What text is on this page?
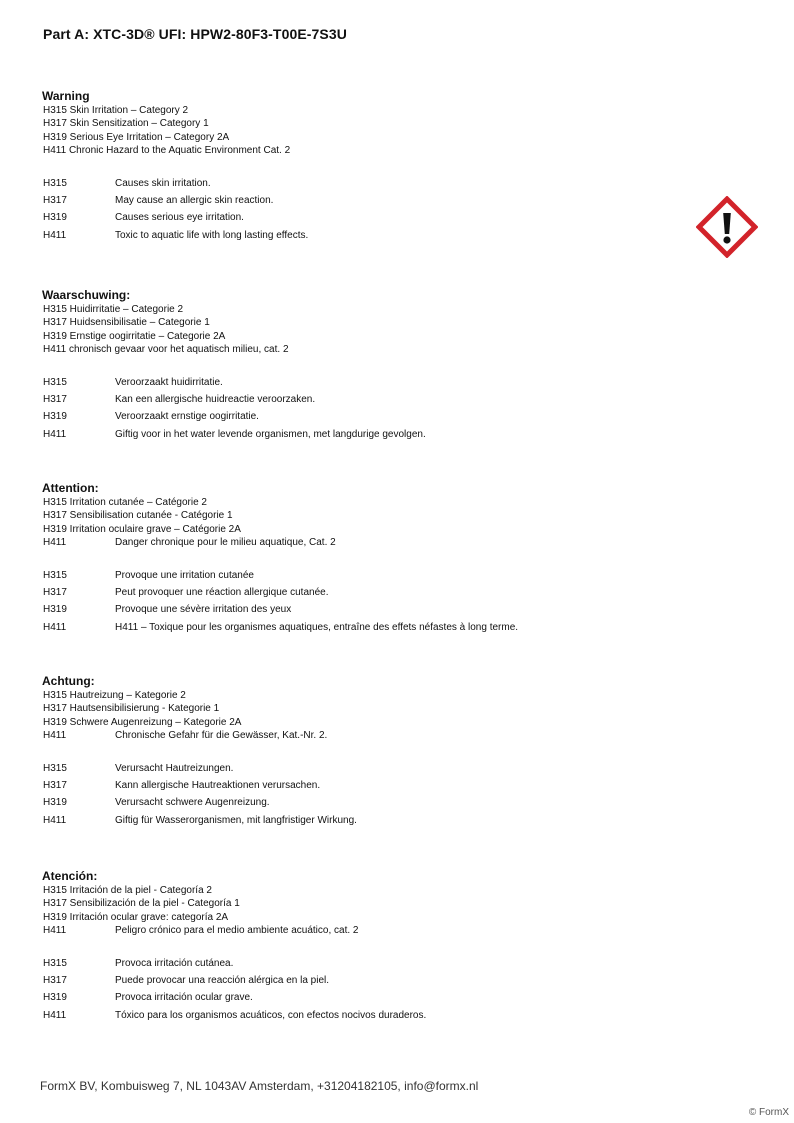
Part A: XTC-3D® UFI: HPW2-80F3-T00E-7S3U
Warning
H315 Skin Irritation – Category 2
H317 Skin Sensitization – Category 1
H319 Serious Eye Irritation – Category 2A
H411 Chronic Hazard to the Aquatic Environment Cat. 2
H315	Causes skin irritation.
H317	May cause an allergic skin reaction.
H319	Causes serious eye irritation.
H411	Toxic to aquatic life with long lasting effects.
Waarschuwing:
H315 Huidirritatie – Categorie 2
H317 Huidsensibilisatie – Categorie 1
H319 Ernstige oogirritatie – Categorie 2A
H411 chronisch gevaar voor het aquatisch milieu, cat. 2
H315	Veroorzaakt huidirritatie.
H317	Kan een allergische huidreactie veroorzaken.
H319	Veroorzaakt ernstige oogirritatie.
H411	Giftig voor in het water levende organismen, met langdurige gevolgen.
Attention:
H315 Irritation cutanée – Catégorie 2
H317 Sensibilisation cutanée - Catégorie 1
H319 Irritation oculaire grave – Catégorie 2A
H411	Danger chronique pour le milieu aquatique, Cat. 2
H315	Provoque une irritation cutanée
H317	Peut provoquer une réaction allergique cutanée.
H319	Provoque une sévère irritation des yeux
H411	H411 – Toxique pour les organismes aquatiques, entraîne des effets néfastes à long terme.
Achtung:
H315 Hautreizung – Kategorie 2
H317 Hautsensibilisierung - Kategorie 1
H319 Schwere Augenreizung – Kategorie 2A
H411	Chronische Gefahr für die Gewässer, Kat.-Nr. 2.
H315	Verursacht Hautreizungen.
H317	Kann allergische Hautreaktionen verursachen.
H319	Verursacht schwere Augenreizung.
H411	Giftig für Wasserorganismen, mit langfristiger Wirkung.
Atención:
H315 Irritación de la piel - Categoría 2
H317 Sensibilización de la piel - Categoría 1
H319 Irritación ocular grave: categoría 2A
H411	Peligro crónico para el medio ambiente acuático, cat. 2
H315	Provoca irritación cutánea.
H317	Puede provocar una reacción alérgica en la piel.
H319	Provoca irritación ocular grave.
H411	Tóxico para los organismos acuáticos, con efectos nocivos duraderos.
FormX BV, Kombuisweg 7, NL 1043AV Amsterdam, +31204182105, info@formx.nl
© FormX
